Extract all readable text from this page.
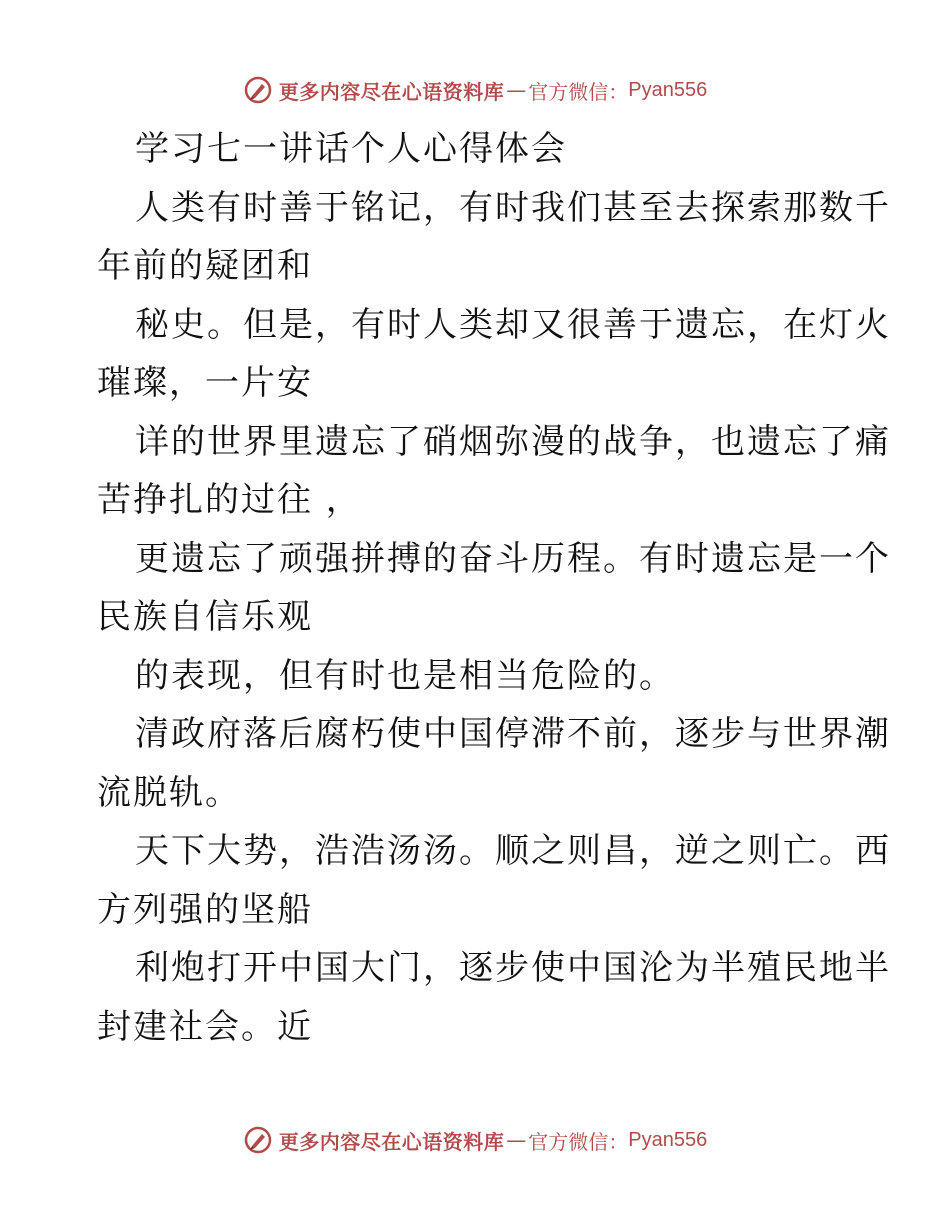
更多内容尽在心语资料库 — 官方微信： Pyan556
学习七一讲话个人心得体会
人类有时善于铭记，有时我们甚至去探索那数千
年前的疑团和
秘史。但是，有时人类却又很善于遗忘，在灯火
璀璨，一片安
详的世界里遗忘了硝烟弥漫的战争，也遗忘了痛
苦挣扎的过往 ，
更遗忘了顽强拼搏的奋斗历程。有时遗忘是一个
民族自信乐观
的表现，但有时也是相当危险的。
清政府落后腐朽使中国停滞不前，逐步与世界潮
流脱轨。
天下大势，浩浩汤汤。顺之则昌，逆之则亡。西
方列强的坚船
利炮打开中国大门，逐步使中国沦为半殖民地半
封建社会。近
更多内容尽在心语资料库 — 官方微信： Pyan556
